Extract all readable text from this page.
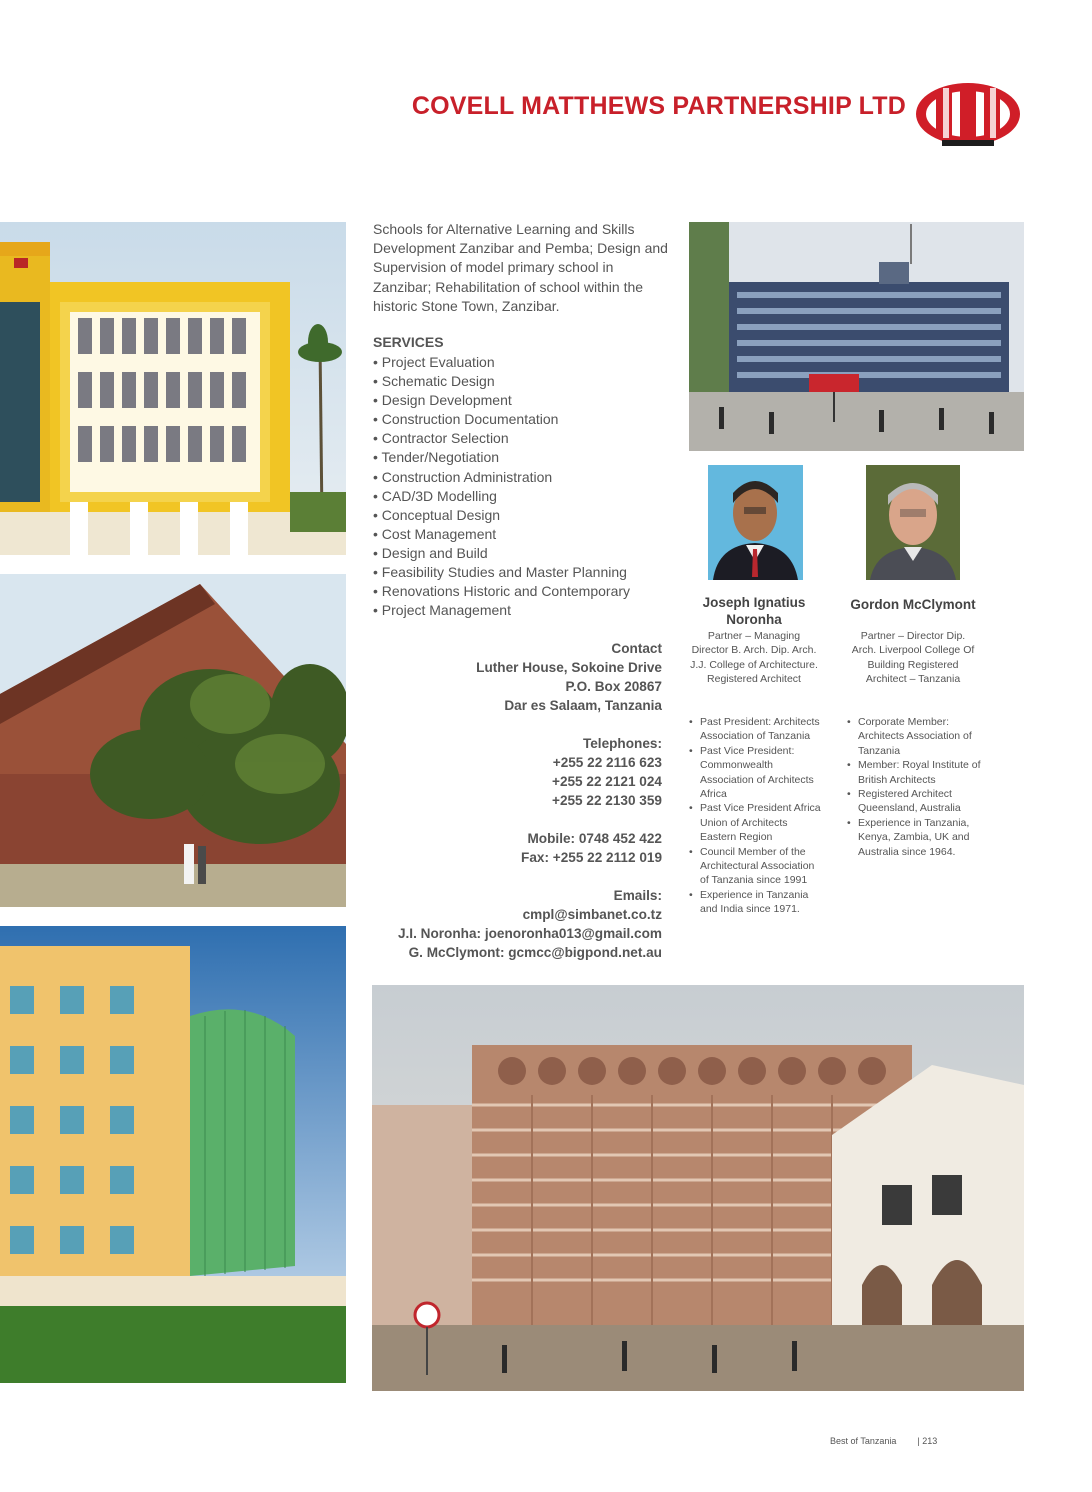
COVELL MATTHEWS PARTNERSHIP LTD
Schools for Alternative Learning and Skills Development Zanzibar and Pemba; Design and Supervision of model primary school in Zanzibar; Rehabilitation of school within the historic Stone Town, Zanzibar.
SERVICES
• Project Evaluation
• Schematic Design
• Design Development
• Construction Documentation
• Contractor Selection
• Tender/Negotiation
• Construction Administration
• CAD/3D Modelling
• Conceptual Design
• Cost Management
• Design and Build
• Feasibility Studies and Master Planning
• Renovations Historic and Contemporary
• Project Management
Contact
Luther House, Sokoine Drive
P.O. Box 20867
Dar es Salaam, Tanzania
Telephones:
+255 22 2116 623
+255 22 2121 024
+255 22 2130 359
Mobile: 0748 452 422
Fax: +255 22 2112 019
Emails:
cmpl@simbanet.co.tz
J.I. Noronha: joenoronha013@gmail.com
G. McClymont: gcmcc@bigpond.net.au
Joseph Ignatius Noronha
Partner – Managing Director B. Arch. Dip. Arch. J.J. College of Architecture. Registered Architect
• Past President: Architects Association of Tanzania
• Past Vice President: Commonwealth Association of Architects Africa
• Past Vice President Africa Union of Architects Eastern Region
• Council Member of the Architectural Association of Tanzania since 1991
• Experience in Tanzania and India since 1971.
Gordon McClymont
Partner – Director Dip. Arch. Liverpool College Of Building Registered Architect – Tanzania
• Corporate Member: Architects Association of Tanzania
• Member: Royal Institute of British Architects
• Registered Architect Queensland, Australia
• Experience in Tanzania, Kenya, Zambia, UK and Australia since 1964.
Best of Tanzania | 213
